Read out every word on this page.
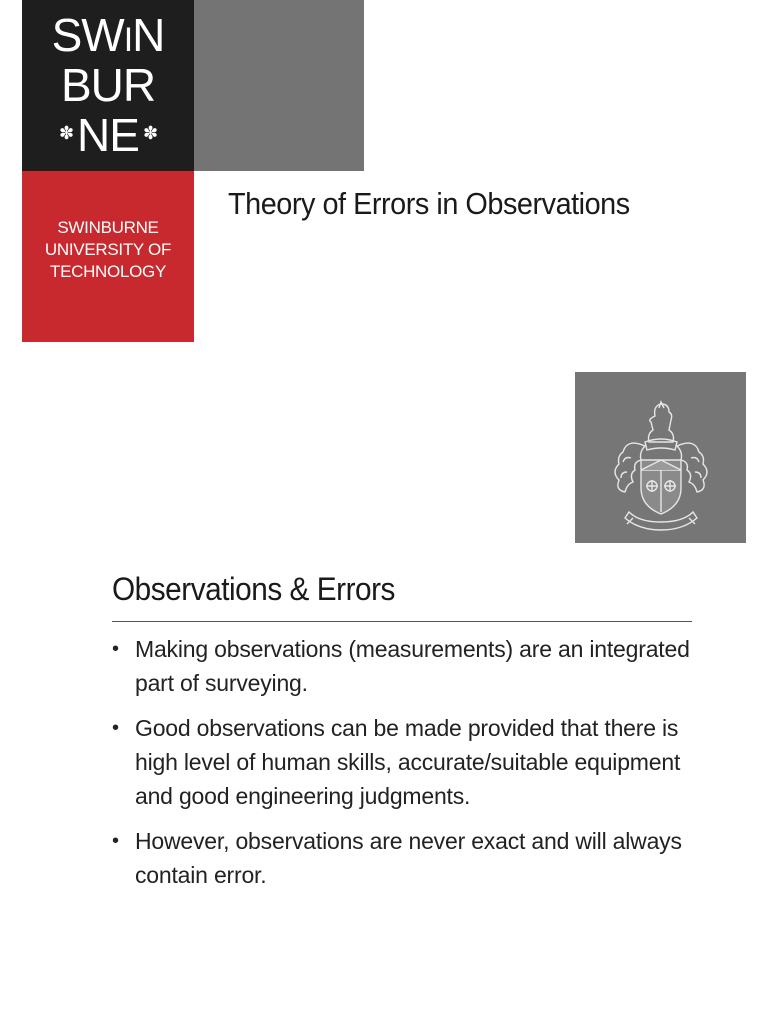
SWIN
BUR
✽NE ✽
SWINBURNE
UNIVERSITY OF
TECHNOLOGY
Theory of Errors in Observations
Observations & Errors
• Making observations (measurements) are an integrated part of surveying.
• Good observations can be made provided that there is high level of human skills, accurate/suitable equipment and good engineering judgments.
• However, observations are never exact and will always contain error.
